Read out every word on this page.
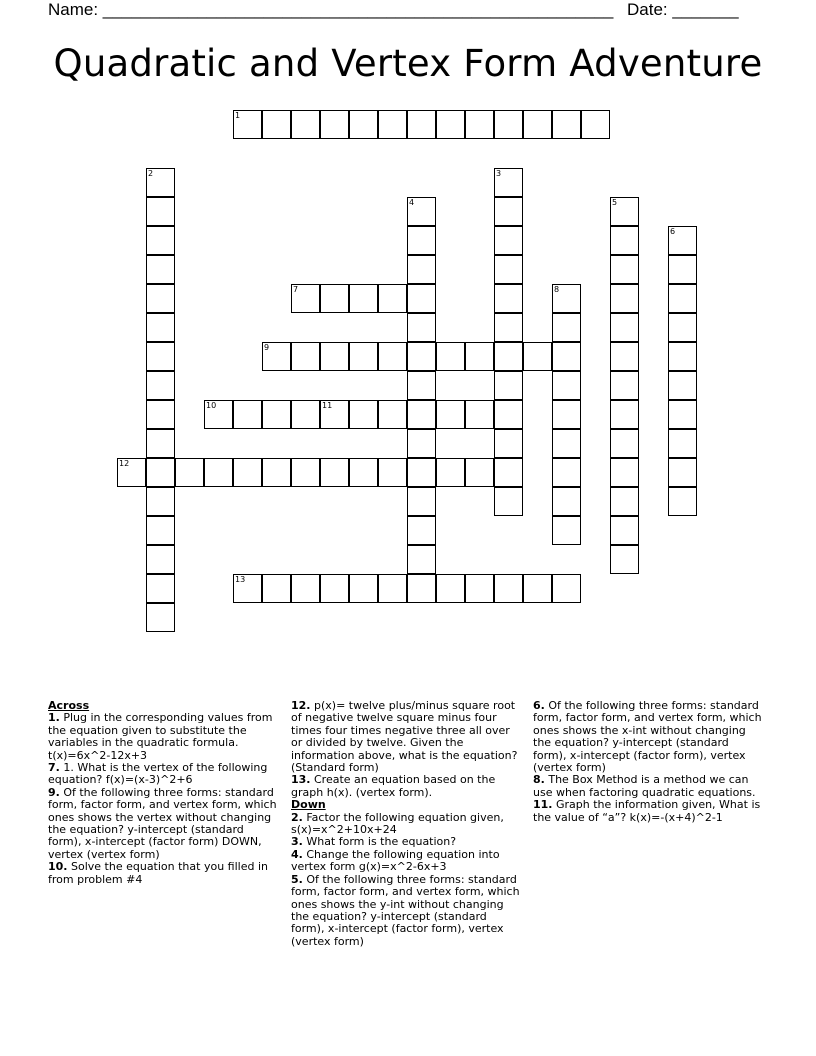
Name: ______________________________________________________ Date: _______
Quadratic and Vertex Form Adventure
1
2	3
4	5
6
7	8
9
10	11
12
13
Across
1. Plug in the corresponding values from the equation given to substitute the variables in the quadratic formula. t(x)=6x^2-12x+3
7. 1. What is the vertex of the following equation? f(x)=(x-3)^2+6
9. Of the following three forms: standard form, factor form, and vertex form, which ones shows the vertex without changing the equation? y-intercept (standard form), x-intercept (factor form) DOWN, vertex (vertex form)
10. Solve the equation that you filled in from problem #4
12. p(x)= twelve plus/minus square root of negative twelve square minus four times four times negative three all over or divided by twelve. Given the information above, what is the equation? (Standard form)
13. Create an equation based on the graph h(x). (vertex form).
Down
2. Factor the following equation given, s(x)=x^2+10x+24
3. What form is the equation?
4. Change the following equation into vertex form g(x)=x^2-6x+3
5. Of the following three forms: standard form, factor form, and vertex form, which ones shows the y-int without changing the equation? y-intercept (standard form), x-intercept (factor form), vertex (vertex form)
6. Of the following three forms: standard form, factor form, and vertex form, which ones shows the x-int without changing the equation? y-intercept (standard form), x-intercept (factor form), vertex (vertex form)
8. The Box Method is a method we can use when factoring quadratic equations.
11. Graph the information given, What is the value of “a”? k(x)=-(x+4)^2-1
